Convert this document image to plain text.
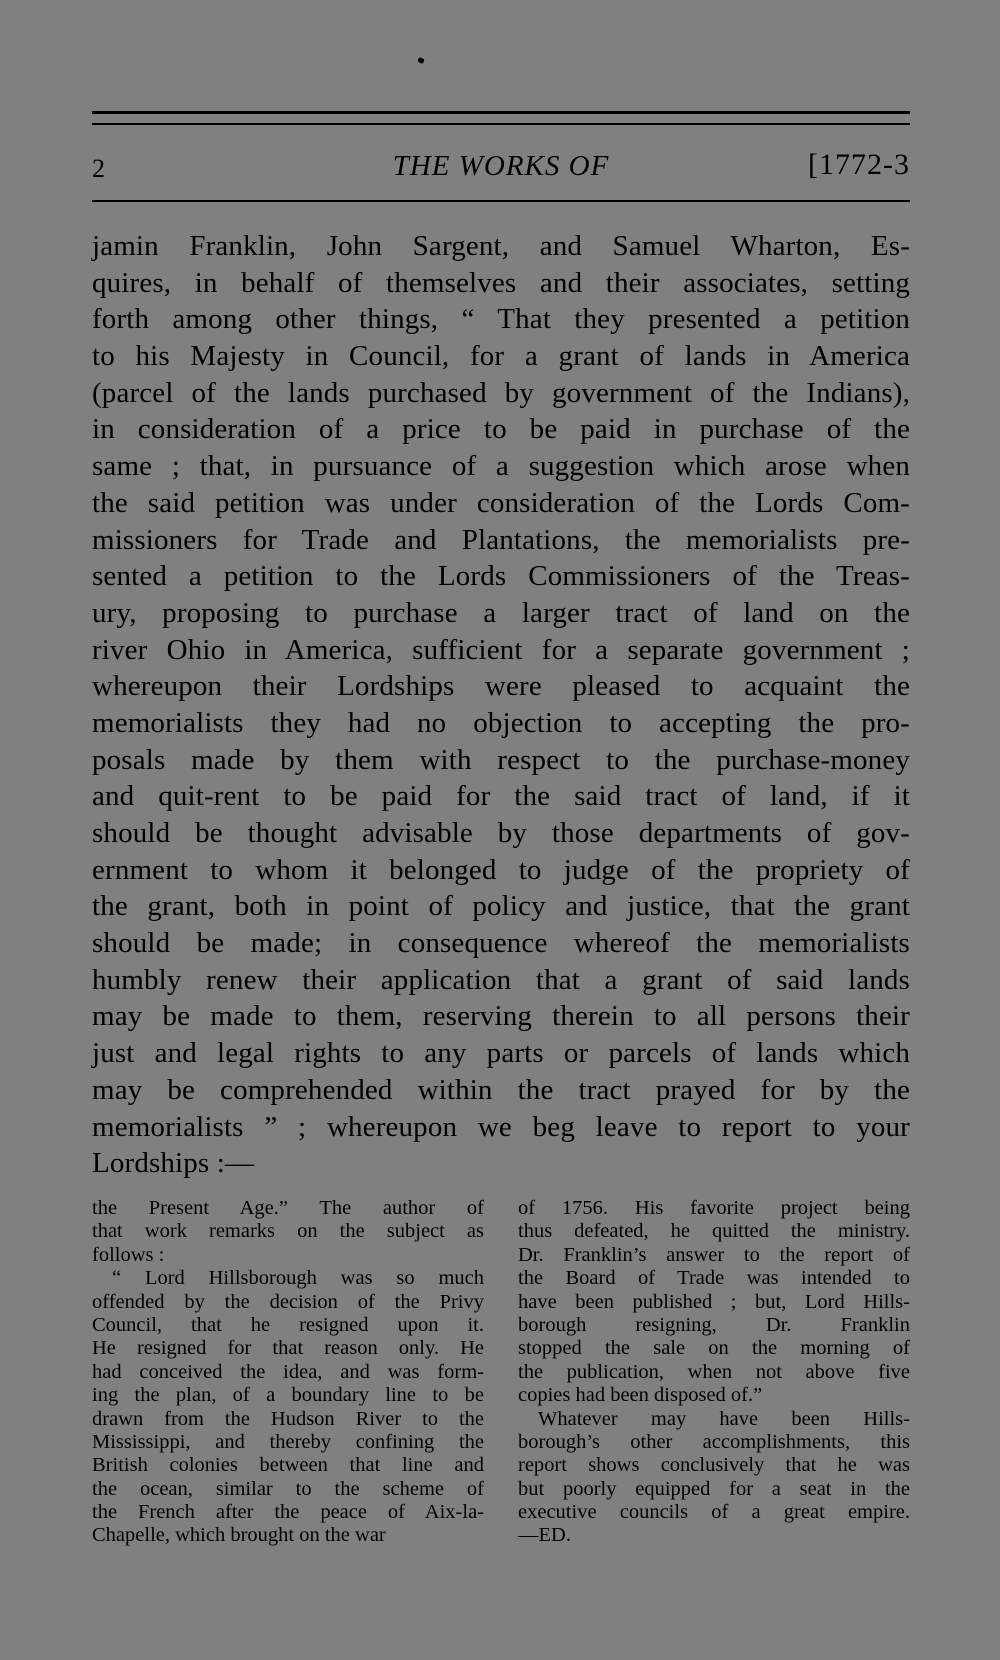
2	THE WORKS OF	[1772-3
jamin Franklin, John Sargent, and Samuel Wharton, Es-
quires, in behalf of themselves and their associates, setting
forth among other things, “ That they presented a petition
to his Majesty in Council, for a grant of lands in America
(parcel of the lands purchased by government of the Indians),
in consideration of a price to be paid in purchase of the
same ; that, in pursuance of a suggestion which arose when
the said petition was under consideration of the Lords Com-
missioners for Trade and Plantations, the memorialists pre-
sented a petition to the Lords Commissioners of the Treas-
ury, proposing to purchase a larger tract of land on the
river Ohio in America, sufficient for a separate government ;
whereupon their Lordships were pleased to acquaint the
memorialists they had no objection to accepting the pro-
posals made by them with respect to the purchase-money
and quit-rent to be paid for the said tract of land, if it
should be thought advisable by those departments of gov-
ernment to whom it belonged to judge of the propriety of
the grant, both in point of policy and justice, that the grant
should be made; in consequence whereof the memorialists
humbly renew their application that a grant of said lands
may be made to them, reserving therein to all persons their
just and legal rights to any parts or parcels of lands which
may be comprehended within the tract prayed for by the
memorialists ” ; whereupon we beg leave to report to your
Lordships :—
the Present Age.” The author of
that work remarks on the subject as
follows :
“ Lord Hillsborough was so much
offended by the decision of the Privy
Council, that he resigned upon it.
He resigned for that reason only. He
had conceived the idea, and was form-
ing the plan, of a boundary line to be
drawn from the Hudson River to the
Mississippi, and thereby confining the
British colonies between that line and
the ocean, similar to the scheme of
the French after the peace of Aix-la-
Chapelle, which brought on the war
of 1756. His favorite project being
thus defeated, he quitted the ministry.
Dr. Franklin’s answer to the report of
the Board of Trade was intended to
have been published ; but, Lord Hills-
borough resigning, Dr. Franklin
stopped the sale on the morning of
the publication, when not above five
copies had been disposed of.”
Whatever may have been Hills-
borough’s other accomplishments, this
report shows conclusively that he was
but poorly equipped for a seat in the
executive councils of a great empire.
—ED.
